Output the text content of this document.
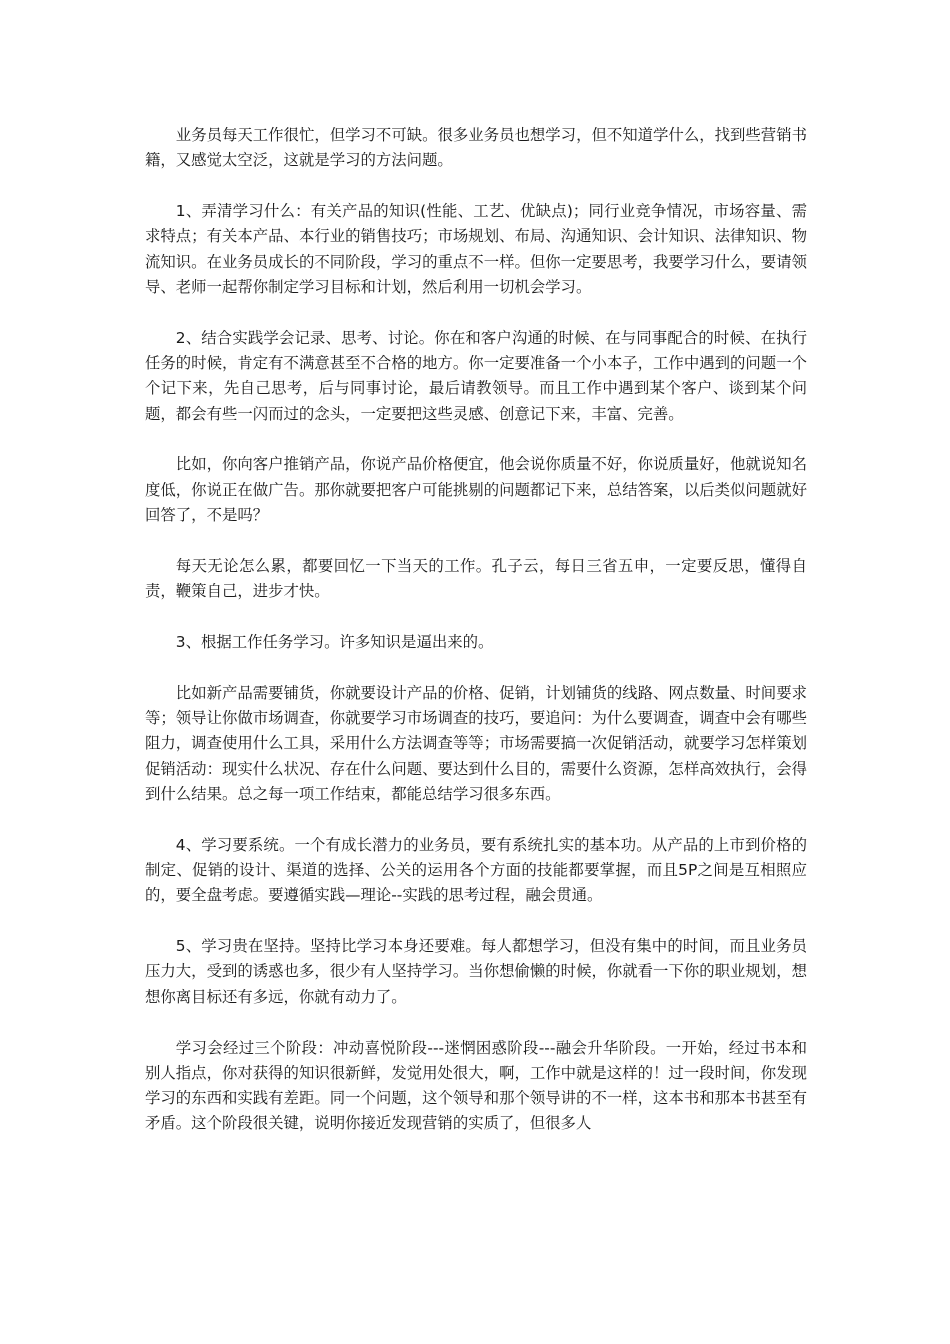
业务员每天工作很忙，但学习不可缺。很多业务员也想学习，但不知道学什么，找到些营销书籍，又感觉太空泛，这就是学习的方法问题。

1、弄清学习什么：有关产品的知识(性能、工艺、优缺点)；同行业竞争情况，市场容量、需求特点；有关本产品、本行业的销售技巧；市场规划、布局、沟通知识、会计知识、法律知识、物流知识。在业务员成长的不同阶段，学习的重点不一样。但你一定要思考，我要学习什么，要请领导、老师一起帮你制定学习目标和计划，然后利用一切机会学习。

2、结合实践学会记录、思考、讨论。你在和客户沟通的时候、在与同事配合的时候、在执行任务的时候，肯定有不满意甚至不合格的地方。你一定要准备一个小本子，工作中遇到的问题一个个记下来，先自己思考，后与同事讨论，最后请教领导。而且工作中遇到某个客户、谈到某个问题，都会有些一闪而过的念头，一定要把这些灵感、创意记下来，丰富、完善。

比如，你向客户推销产品，你说产品价格便宜，他会说你质量不好，你说质量好，他就说知名度低，你说正在做广告。那你就要把客户可能挑剔的问题都记下来，总结答案，以后类似问题就好回答了，不是吗？

每天无论怎么累，都要回忆一下当天的工作。孔子云，每日三省五申，一定要反思，懂得自责，鞭策自己，进步才快。

3、根据工作任务学习。许多知识是逼出来的。

比如新产品需要铺货，你就要设计产品的价格、促销，计划铺货的线路、网点数量、时间要求等；领导让你做市场调查，你就要学习市场调查的技巧，要追问：为什么要调查，调查中会有哪些阻力，调查使用什么工具，采用什么方法调查等等；市场需要搞一次促销活动，就要学习怎样策划促销活动：现实什么状况、存在什么问题、要达到什么目的，需要什么资源，怎样高效执行，会得到什么结果。总之每一项工作结束，都能总结学习很多东西。

4、学习要系统。一个有成长潜力的业务员，要有系统扎实的基本功。从产品的上市到价格的制定、促销的设计、渠道的选择、公关的运用各个方面的技能都要掌握，而且5P之间是互相照应的，要全盘考虑。要遵循实践—理论--实践的思考过程，融会贯通。

5、学习贵在坚持。坚持比学习本身还要难。每人都想学习，但没有集中的时间，而且业务员压力大，受到的诱惑也多，很少有人坚持学习。当你想偷懒的时候，你就看一下你的职业规划，想想你离目标还有多远，你就有动力了。

学习会经过三个阶段：冲动喜悦阶段---迷惘困惑阶段---融会升华阶段。一开始，经过书本和别人指点，你对获得的知识很新鲜，发觉用处很大，啊，工作中就是这样的！过一段时间，你发现学习的东西和实践有差距。同一个问题，这个领导和那个领导讲的不一样，这本书和那本书甚至有矛盾。这个阶段很关键，说明你接近发现营销的实质了，但很多人
